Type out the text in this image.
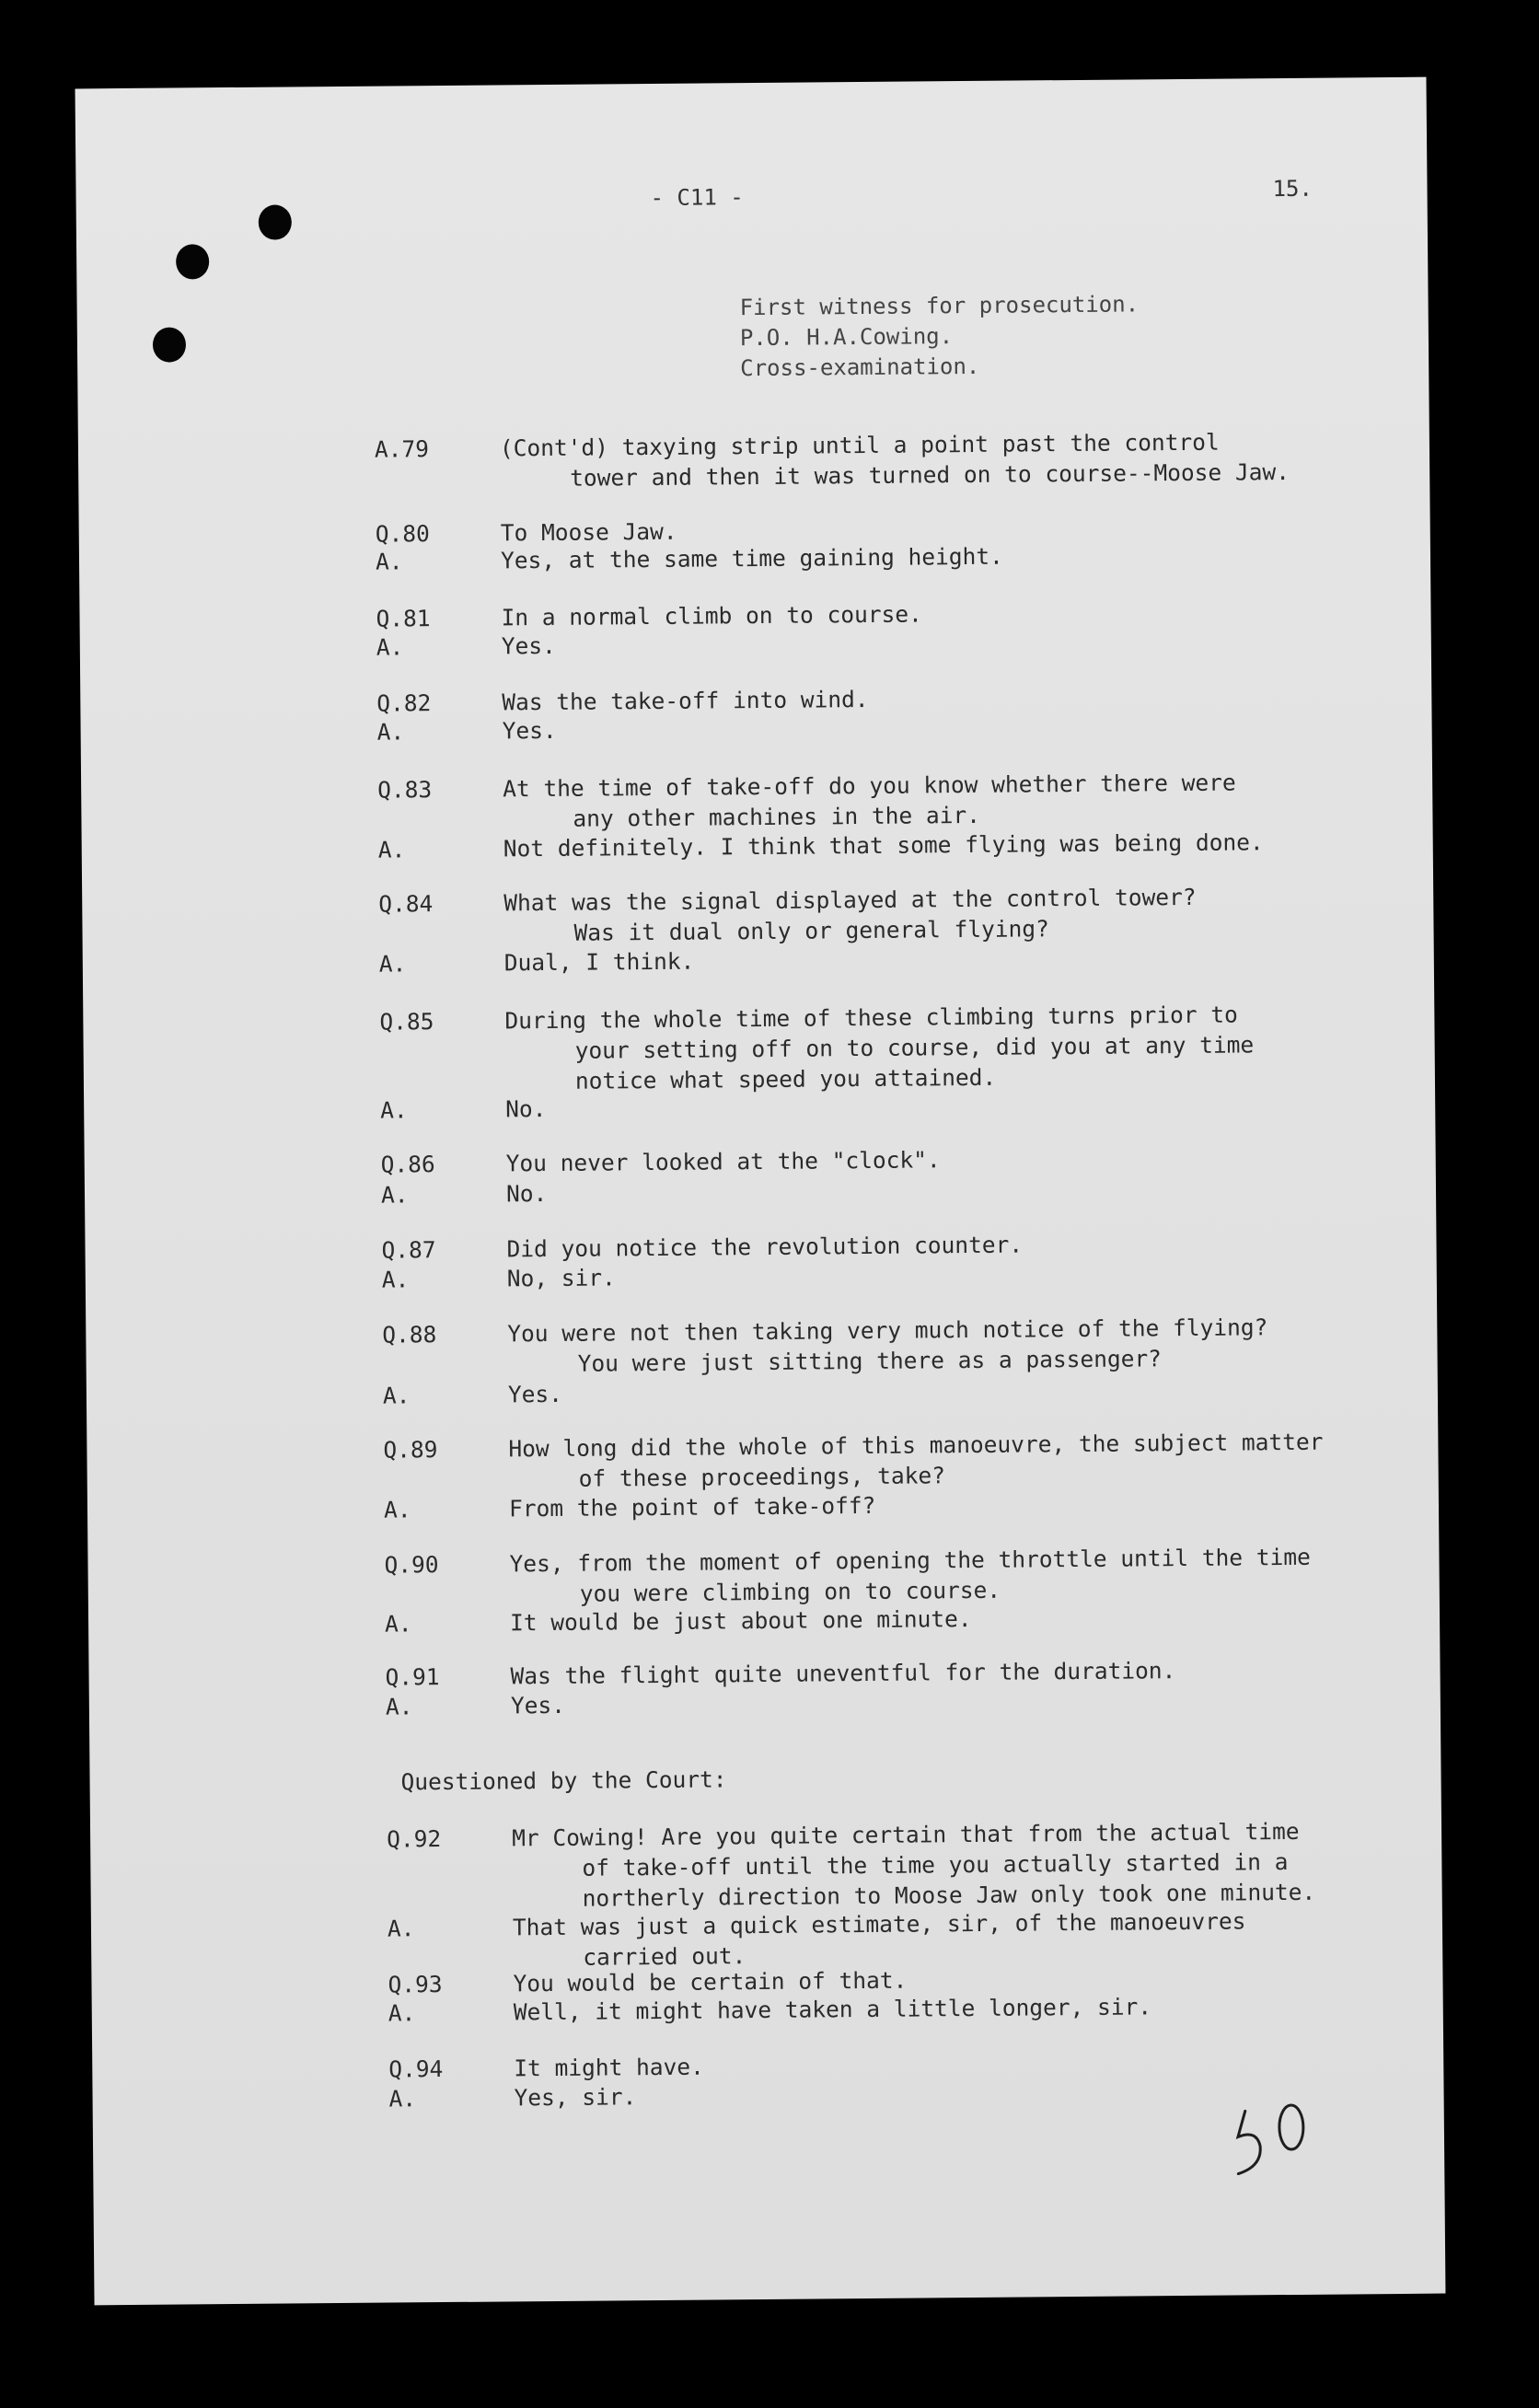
- C11 -	15.
First witness for prosecution.
P.O. H.A.Cowing.
Cross-examination.
A.79	(Cont'd) taxying strip until a point past the control
tower and then it was turned on to course--Moose Jaw.
Q.80	To Moose Jaw.
A.	Yes, at the same time gaining height.
Q.81	In a normal climb on to course.
A.	Yes.
Q.82	Was the take-off into wind.
A.	Yes.
Q.83	At the time of take-off do you know whether there were
any other machines in the air.
A.	Not definitely. I think that some flying was being done.
Q.84	What was the signal displayed at the control tower?
Was it dual only or general flying?
A.	Dual, I think.
Q.85	During the whole time of these climbing turns prior to
your setting off on to course, did you at any time
notice what speed you attained.
A.	No.
Q.86	You never looked at the "clock".
A.	No.
Q.87	Did you notice the revolution counter.
A.	No, sir.
Q.88	You were not then taking very much notice of the flying?
You were just sitting there as a passenger?
A.	Yes.
Q.89	How long did the whole of this manoeuvre, the subject matter
of these proceedings, take?
A.	From the point of take-off?
Q.90	Yes, from the moment of opening the throttle until the time
you were climbing on to course.
A.	It would be just about one minute.
Q.91	Was the flight quite uneventful for the duration.
A.	Yes.
Q.92	Mr Cowing! Are you quite certain that from the actual time
of take-off until the time you actually started in a
northerly direction to Moose Jaw only took one minute.
A.	That was just a quick estimate, sir, of the manoeuvres
carried out.
Q.93	You would be certain of that.
A.	Well, it might have taken a little longer, sir.
Q.94	It might have.
A.	Yes, sir.
Questioned by the Court:
